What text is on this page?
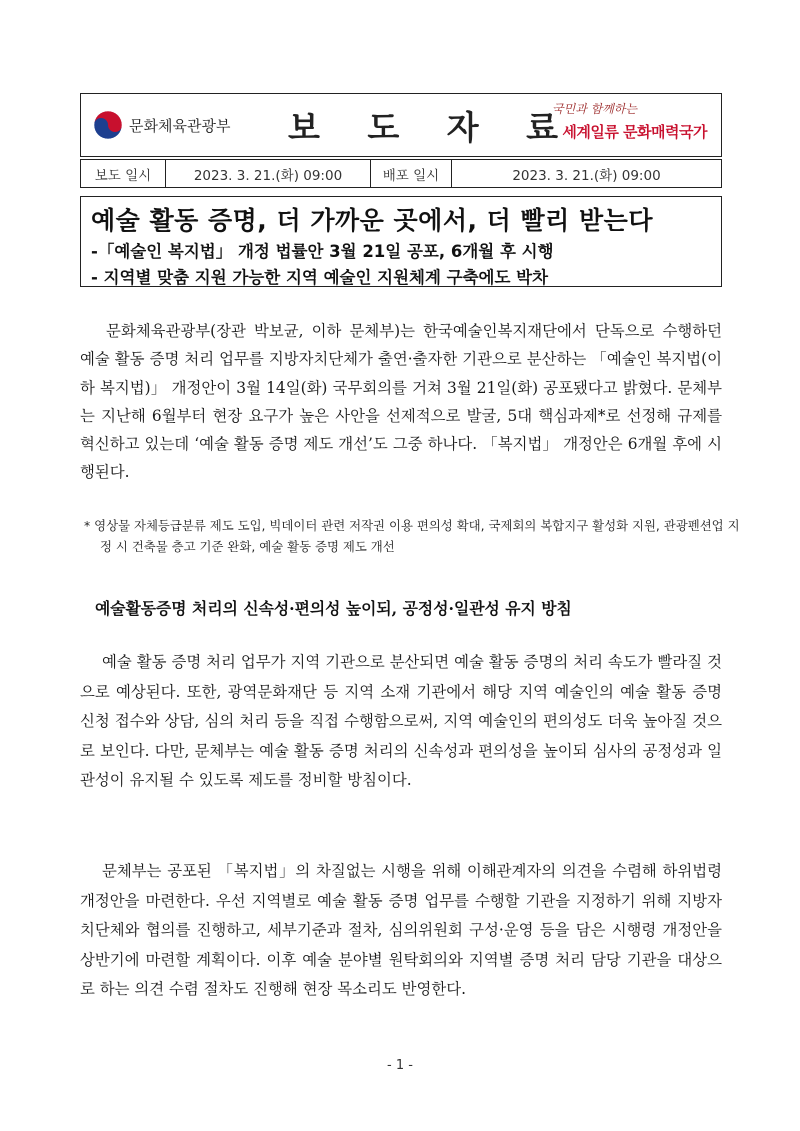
문화체육관광부 보 도 자 료
국민과 함께하는
세계일류 문화매력국가
보도 일시	2023. 3. 21.(화) 09:00	배포 일시	2023. 3. 21.(화) 09:00
예술 활동 증명, 더 가까운 곳에서, 더 빨리 받는다
-「예술인 복지법」 개정 법률안 3월 21일 공포, 6개월 후 시행
- 지역별 맞춤 지원 가능한 지역 예술인 지원체계 구축에도 박차
문화체육관광부(장관 박보균, 이하 문체부)는 한국예술인복지재단에서 단독으로 수행하던 예술 활동 증명 처리 업무를 지방자치단체가 출연·출자한 기관으로 분산하는 「예술인 복지법(이하 복지법)」 개정안이 3월 14일(화) 국무회의를 거쳐 3월 21일(화) 공포됐다고 밝혔다. 문체부는 지난해 6월부터 현장 요구가 높은 사안을 선제적으로 발굴, 5대 핵심과제*로 선정해 규제를 혁신하고 있는데 ‘예술 활동 증명 제도 개선’도 그중 하나다. 「복지법」 개정안은 6개월 후에 시행된다.
* 영상물 자체등급분류 제도 도입, 빅데이터 관련 저작권 이용 편의성 확대, 국제회의 복합지구 활성화 지원, 관광펜션업 지정 시 건축물 층고 기준 완화, 예술 활동 증명 제도 개선
예술활동증명 처리의 신속성·편의성 높이되, 공정성·일관성 유지 방침
예술 활동 증명 처리 업무가 지역 기관으로 분산되면 예술 활동 증명의 처리 속도가 빨라질 것으로 예상된다. 또한, 광역문화재단 등 지역 소재 기관에서 해당 지역 예술인의 예술 활동 증명 신청 접수와 상담, 심의 처리 등을 직접 수행함으로써, 지역 예술인의 편의성도 더욱 높아질 것으로 보인다. 다만, 문체부는 예술 활동 증명 처리의 신속성과 편의성을 높이되 심사의 공정성과 일관성이 유지될 수 있도록 제도를 정비할 방침이다.
문체부는 공포된 「복지법」의 차질없는 시행을 위해 이해관계자의 의견을 수렴해 하위법령 개정안을 마련한다. 우선 지역별로 예술 활동 증명 업무를 수행할 기관을 지정하기 위해 지방자치단체와 협의를 진행하고, 세부기준과 절차, 심의위원회 구성·운영 등을 담은 시행령 개정안을 상반기에 마련할 계획이다. 이후 예술 분야별 원탁회의와 지역별 증명 처리 담당 기관을 대상으로 하는 의견 수렴 절차도 진행해 현장 목소리도 반영한다.
- 1 -
